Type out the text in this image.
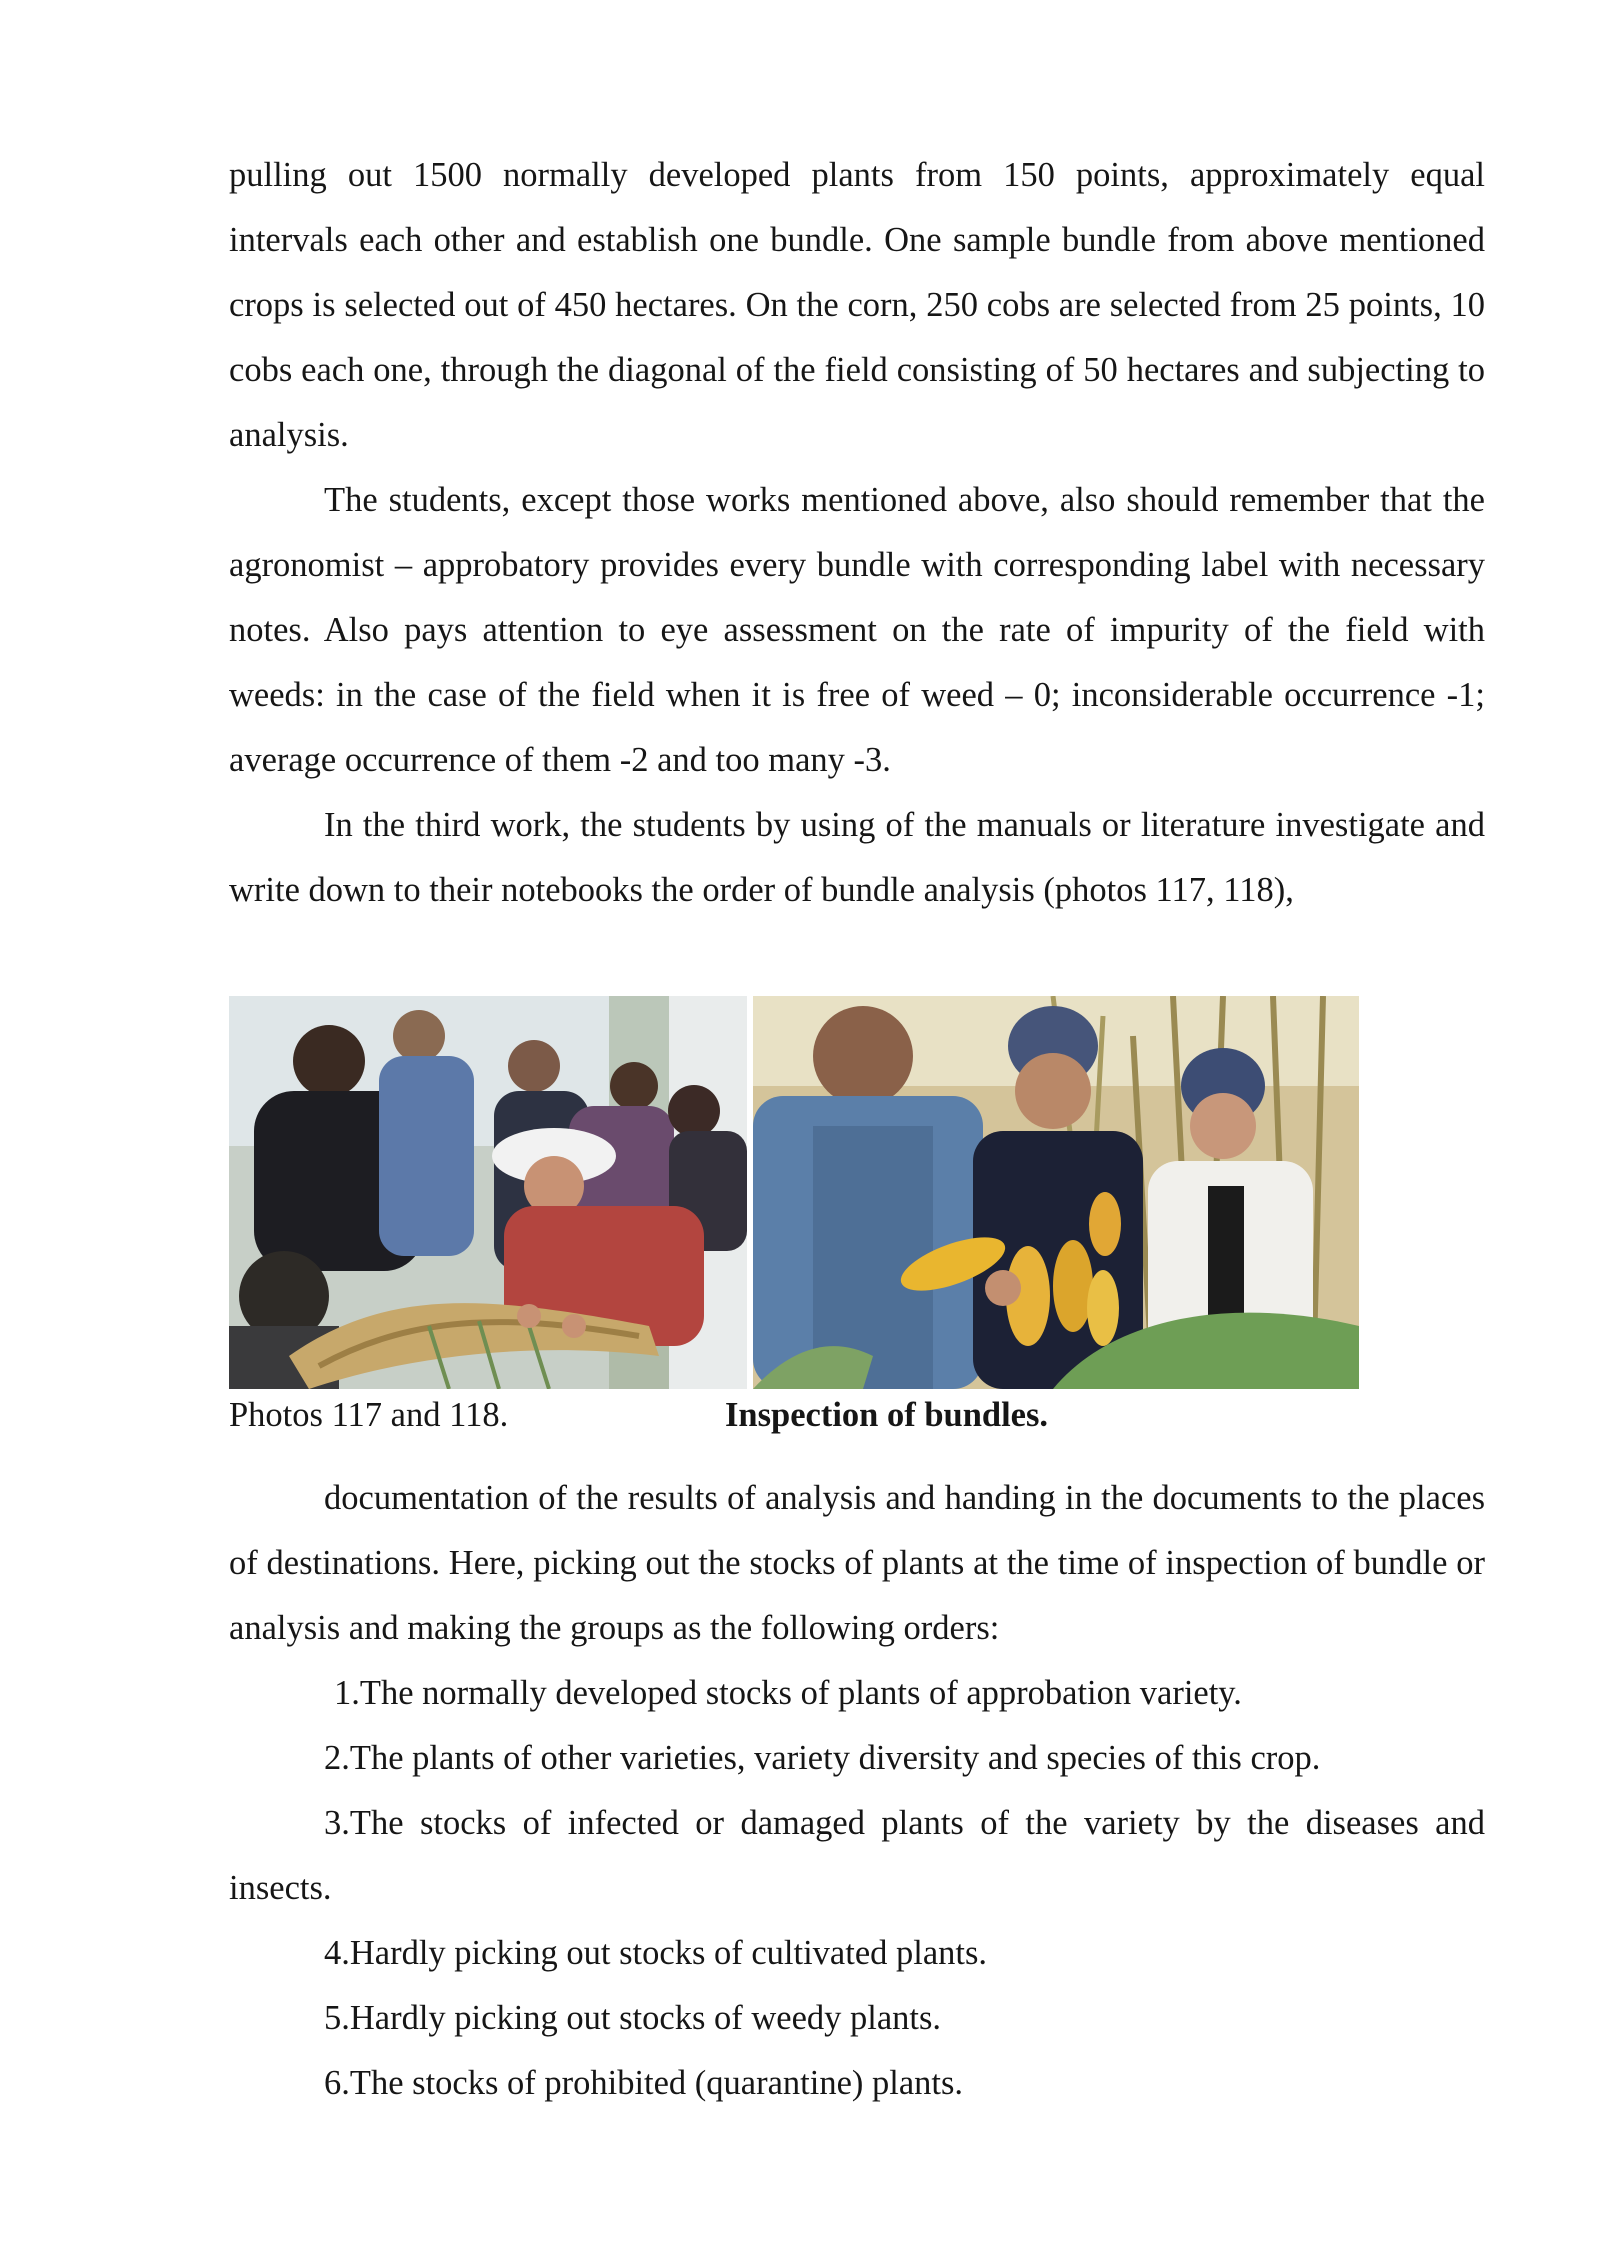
pulling out 1500 normally developed plants from 150 points, approximately equal intervals each other and establish one bundle. One sample bundle from above mentioned crops is selected out of 450 hectares. On the corn, 250 cobs are selected from 25 points, 10 cobs each one, through the diagonal of the field consisting of 50 hectares and subjecting to analysis.

The students, except those works mentioned above, also should remember that the agronomist – approbatory provides every bundle with corresponding label with necessary notes. Also pays attention to eye assessment on the rate of impurity of the field with weeds: in the case of the field when it is free of weed – 0; inconsiderable occurrence -1; average occurrence of them -2 and too many -3.

In the third work, the students by using of the manuals or literature investigate and write down to their notebooks the order of bundle analysis (photos 117, 118),

Photos 117 and 118.	Inspection of bundles.

documentation of the results of analysis and handing in the documents to the places of destinations. Here, picking out the stocks of plants at the time of inspection of bundle or analysis and making the groups as the following orders:

1.The normally developed stocks of plants of approbation variety.

2.The plants of other varieties, variety diversity and species of this crop.

3.The stocks of infected or damaged plants of the variety by the diseases and insects.

4.Hardly picking out stocks of cultivated plants.

5.Hardly picking out stocks of weedy plants.

6.The stocks of prohibited (quarantine) plants.
